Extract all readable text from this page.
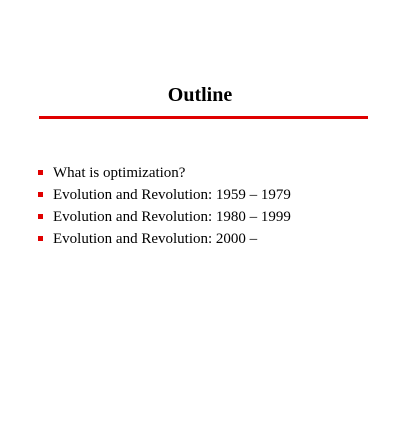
Outline
What is optimization?
Evolution and Revolution: 1959 – 1979
Evolution and Revolution: 1980 – 1999
Evolution and Revolution: 2000 –
